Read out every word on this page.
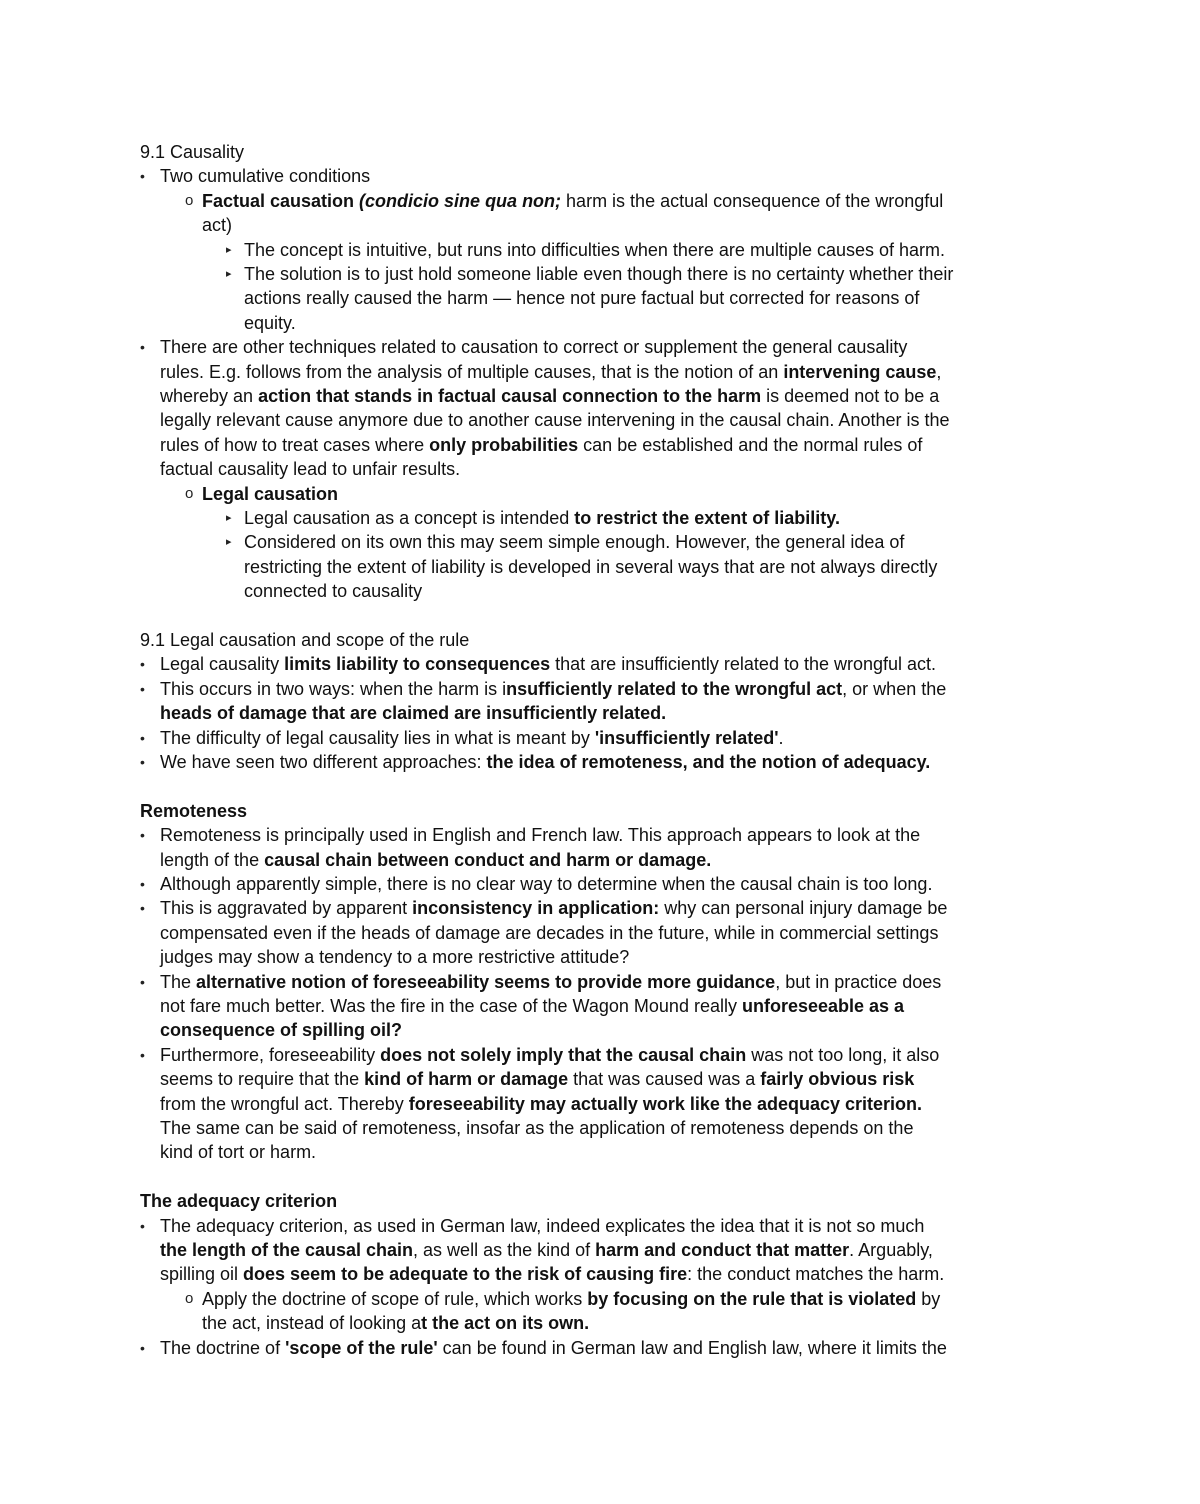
9.1 Causality
• Two cumulative conditions
o Factual causation (condicio sine qua non; harm is the actual consequence of the wrongful
act)
▸ The concept is intuitive, but runs into difficulties when there are multiple causes of harm.
▸ The solution is to just hold someone liable even though there is no certainty whether their
actions really caused the harm — hence not pure factual but corrected for reasons of
equity.
• There are other techniques related to causation to correct or supplement the general causality
rules. E.g. follows from the analysis of multiple causes, that is the notion of an intervening cause,
whereby an action that stands in factual causal connection to the harm is deemed not to be a
legally relevant cause anymore due to another cause intervening in the causal chain. Another is the
rules of how to treat cases where only probabilities can be established and the normal rules of
factual causality lead to unfair results.
o Legal causation
▸ Legal causation as a concept is intended to restrict the extent of liability.
▸ Considered on its own this may seem simple enough. However, the general idea of
restricting the extent of liability is developed in several ways that are not always directly
connected to causality
9.1 Legal causation and scope of the rule
• Legal causality limits liability to consequences that are insufficiently related to the wrongful act.
• This occurs in two ways: when the harm is insufficiently related to the wrongful act, or when the
heads of damage that are claimed are insufficiently related.
• The difficulty of legal causality lies in what is meant by 'insufficiently related'.
• We have seen two different approaches: the idea of remoteness, and the notion of adequacy.
Remoteness
• Remoteness is principally used in English and French law. This approach appears to look at the
length of the causal chain between conduct and harm or damage.
• Although apparently simple, there is no clear way to determine when the causal chain is too long.
• This is aggravated by apparent inconsistency in application: why can personal injury damage be
compensated even if the heads of damage are decades in the future, while in commercial settings
judges may show a tendency to a more restrictive attitude?
• The alternative notion of foreseeability seems to provide more guidance, but in practice does
not fare much better. Was the fire in the case of the Wagon Mound really unforeseeable as a
consequence of spilling oil?
• Furthermore, foreseeability does not solely imply that the causal chain was not too long, it also
seems to require that the kind of harm or damage that was caused was a fairly obvious risk
from the wrongful act. Thereby foreseeability may actually work like the adequacy criterion.
The same can be said of remoteness, insofar as the application of remoteness depends on the
kind of tort or harm.
The adequacy criterion
• The adequacy criterion, as used in German law, indeed explicates the idea that it is not so much
the length of the causal chain, as well as the kind of harm and conduct that matter. Arguably,
spilling oil does seem to be adequate to the risk of causing fire: the conduct matches the harm.
o Apply the doctrine of scope of rule, which works by focusing on the rule that is violated by
the act, instead of looking at the act on its own.
• The doctrine of 'scope of the rule' can be found in German law and English law, where it limits the
